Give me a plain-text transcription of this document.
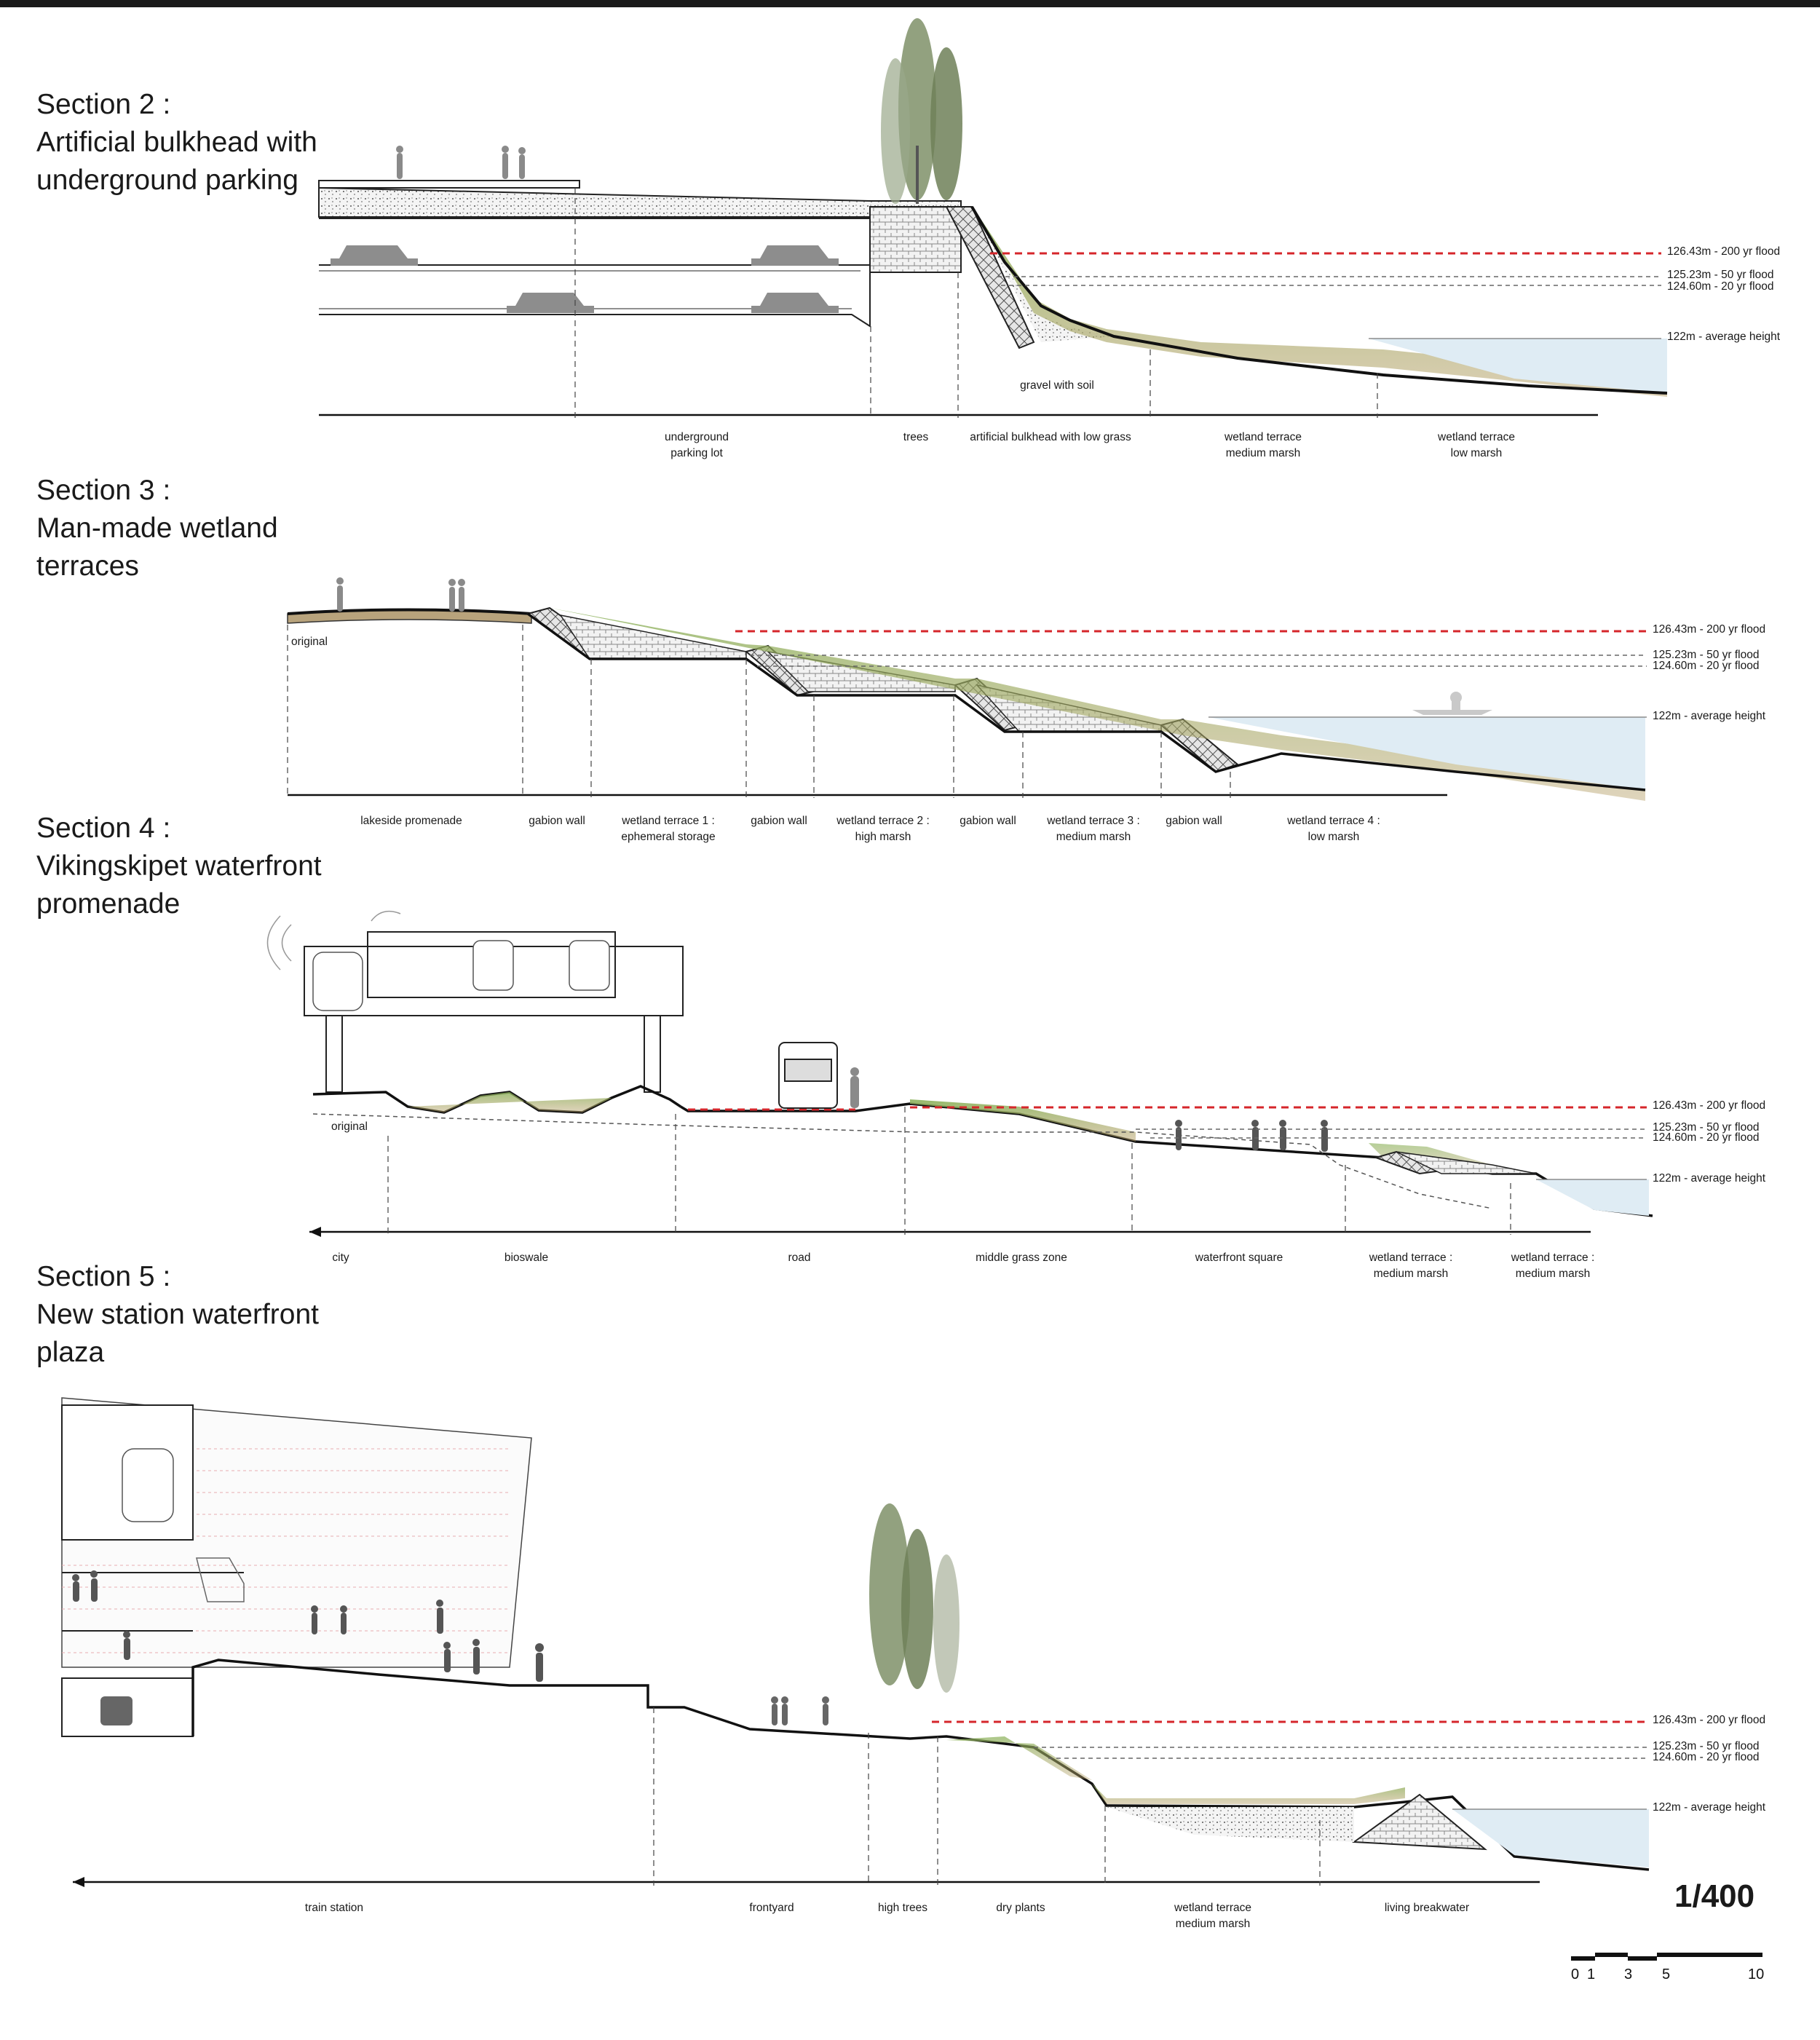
Section 2 :
Artificial bulkhead with
underground parking
Section 3 :
Man-made wetland
terraces
Section 4 :
Vikingskipet waterfront
promenade
Section 5 :
New station waterfront
plaza
126.43m - 200 yr flood
125.23m - 50 yr flood
124.60m - 20 yr flood
122m - average height
gravel with soil
underground
parking lot
trees	artificial bulkhead with low grass	wetland terrace
medium marsh
wetland terrace
low marsh
original
126.43m - 200 yr flood
125.23m - 50 yr flood
124.60m - 20 yr flood
122m - average height
lakeside promenade	gabion wall	wetland terrace 1 :
ephemeral storage
gabion wall	wetland terrace 2 :
high marsh
gabion wall	wetland terrace 3 :
medium marsh
gabion wall	wetland terrace 4 :
low marsh
original
126.43m - 200 yr flood
125.23m - 50 yr flood
124.60m - 20 yr flood
122m - average height
city	bioswale	road	middle grass zone	waterfront square	wetland terrace :
medium marsh
wetland terrace :
medium marsh
126.43m - 200 yr flood
125.23m - 50 yr flood
124.60m - 20 yr flood
122m - average height
train station	frontyard	high trees	dry plants	wetland terrace
medium marsh
living breakwater	1/400
0 1 3 5	10
